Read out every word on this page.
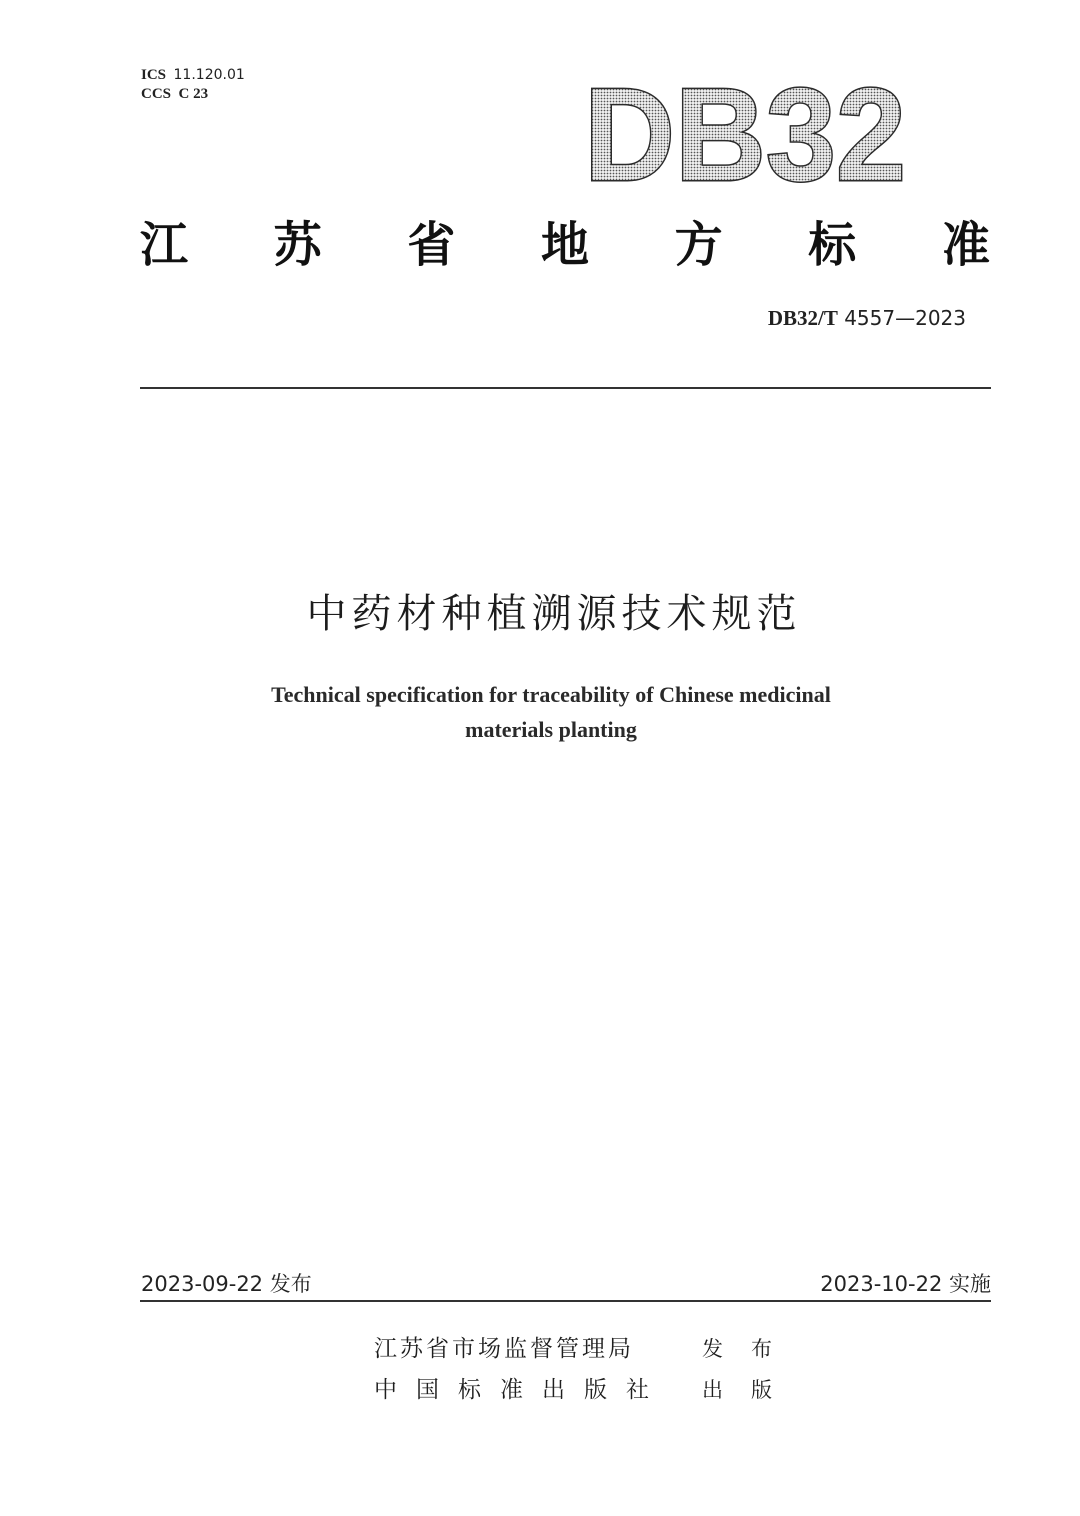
ICS 11.120.01
CCS C 23	DB32
江 苏 省 地 方 标 准
DB32/T 4557—2023
中药材种植溯源技术规范
Technical specification for traceability of Chinese medicinal
materials planting
2023-09-22 发布	2023-10-22 实施
江苏省市场监督管理局	发布
中国标准出版社 出版
